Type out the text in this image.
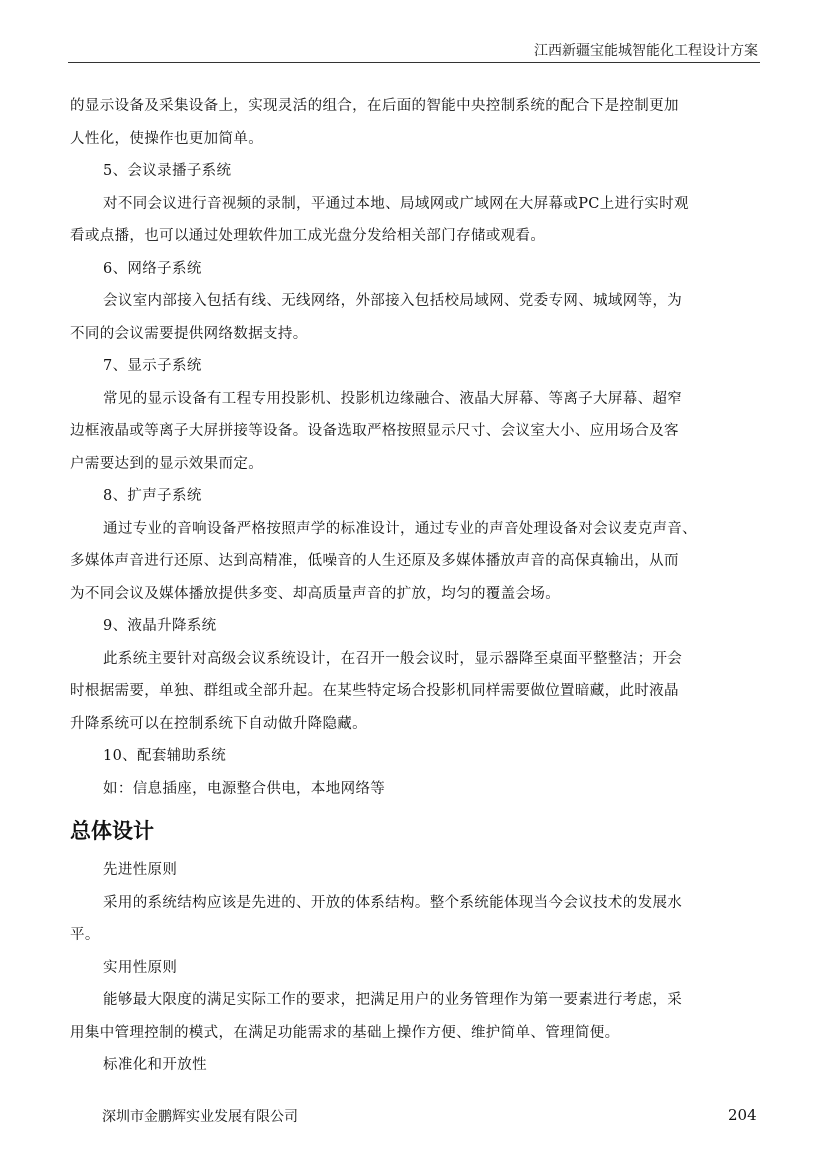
江西新疆宝能城智能化工程设计方案
的显示设备及采集设备上，实现灵活的组合，在后面的智能中央控制系统的配合下是控制更加
人性化，使操作也更加简单。
5、会议录播子系统
对不同会议进行音视频的录制，平通过本地、局域网或广域网在大屏幕或PC上进行实时观
看或点播，也可以通过处理软件加工成光盘分发给相关部门存储或观看。
6、网络子系统
会议室内部接入包括有线、无线网络，外部接入包括校局域网、党委专网、城域网等，为
不同的会议需要提供网络数据支持。
7、显示子系统
常见的显示设备有工程专用投影机、投影机边缘融合、液晶大屏幕、等离子大屏幕、超窄
边框液晶或等离子大屏拼接等设备。设备选取严格按照显示尺寸、会议室大小、应用场合及客
户需要达到的显示效果而定。
8、扩声子系统
通过专业的音响设备严格按照声学的标准设计，通过专业的声音处理设备对会议麦克声音、
多媒体声音进行还原、达到高精准，低噪音的人生还原及多媒体播放声音的高保真输出，从而
为不同会议及媒体播放提供多变、却高质量声音的扩放，均匀的覆盖会场。
9、液晶升降系统
此系统主要针对高级会议系统设计，在召开一般会议时，显示器降至桌面平整整洁；开会
时根据需要，单独、群组或全部升起。在某些特定场合投影机同样需要做位置暗藏，此时液晶
升降系统可以在控制系统下自动做升降隐藏。
10、配套辅助系统
如：信息插座，电源整合供电，本地网络等
总体设计
先进性原则
采用的系统结构应该是先进的、开放的体系结构。整个系统能体现当今会议技术的发展水
平。
实用性原则
能够最大限度的满足实际工作的要求，把满足用户的业务管理作为第一要素进行考虑，采
用集中管理控制的模式，在满足功能需求的基础上操作方便、维护简单、管理简便。
标准化和开放性
深圳市金鹏辉实业发展有限公司	204
